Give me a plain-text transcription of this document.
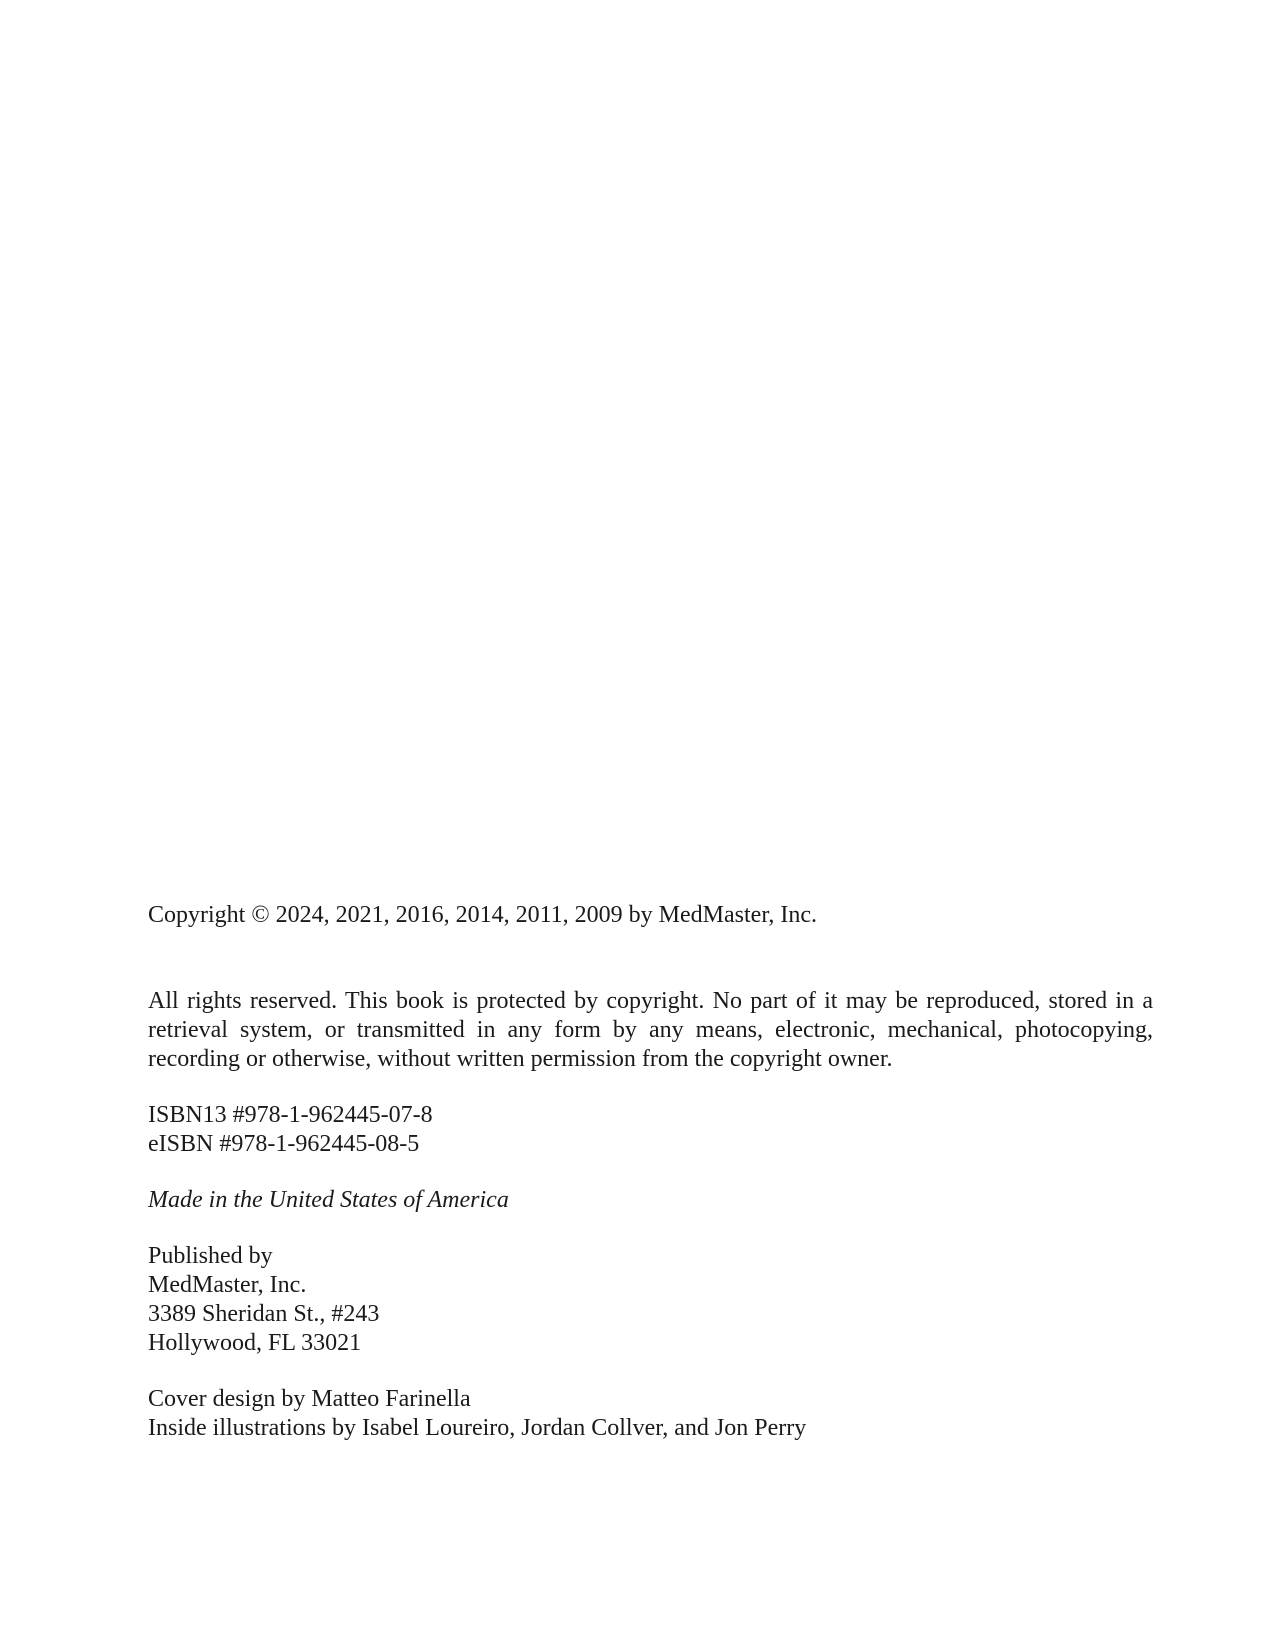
Copyright © 2024, 2021, 2016, 2014, 2011, 2009 by MedMaster, Inc.
All rights reserved. This book is protected by copyright. No part of it may be reproduced, stored in a retrieval system, or transmitted in any form by any means, electronic, mechanical, photocopying, recording or otherwise, without written permission from the copyright owner.
ISBN13 #978-1-962445-07-8
eISBN #978-1-962445-08-5
Made in the United States of America
Published by
MedMaster, Inc.
3389 Sheridan St., #243
Hollywood, FL 33021
Cover design by Matteo Farinella
Inside illustrations by Isabel Loureiro, Jordan Collver, and Jon Perry
